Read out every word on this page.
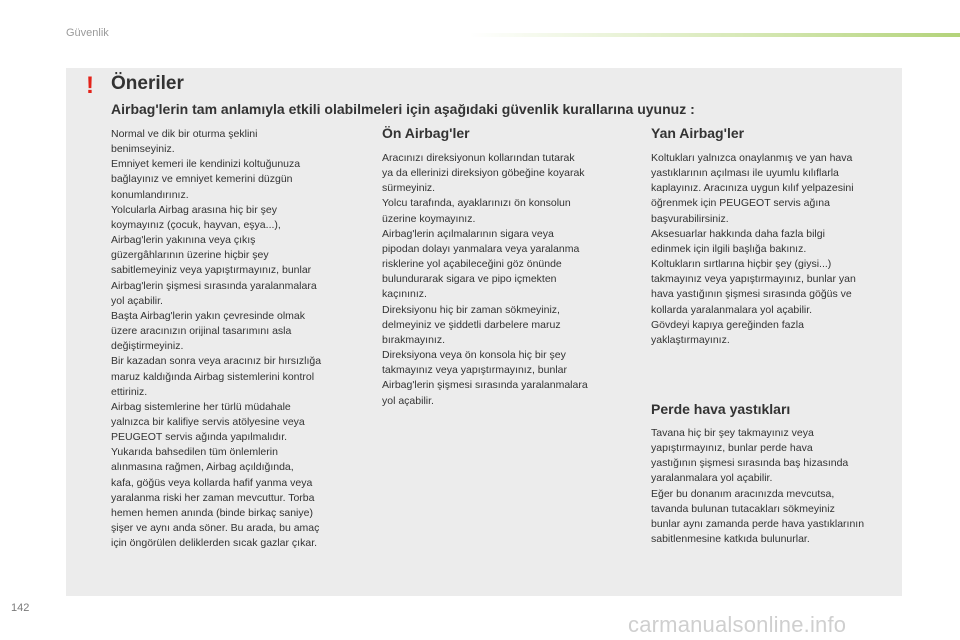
Güvenlik
! Öneriler
Airbag'lerin tam anlamıyla etkili olabilmeleri için aşağıdaki güvenlik kurallarına uyunuz :
Normal ve dik bir oturma şeklini
benimseyiniz.
Emniyet kemeri ile kendinizi koltuğunuza
bağlayınız ve emniyet kemerini düzgün
konumlandırınız.
Yolcularla Airbag arasına hiç bir şey
koymayınız (çocuk, hayvan, eşya...),
Airbag'lerin yakınına veya çıkış
güzergâhlarının üzerine hiçbir şey
sabitlemeyiniz veya yapıştırmayınız, bunlar
Airbag'lerin şişmesi sırasında yaralanmalara
yol açabilir.
Başta Airbag'lerin yakın çevresinde olmak
üzere aracınızın orijinal tasarımını asla
değiştirmeyiniz.
Bir kazadan sonra veya aracınız bir hırsızlığa
maruz kaldığında Airbag sistemlerini kontrol
ettiriniz.
Airbag sistemlerine her türlü müdahale
yalnızca bir kalifiye servis atölyesine veya
PEUGEOT servis ağında yapılmalıdır.
Yukarıda bahsedilen tüm önlemlerin
alınmasına rağmen, Airbag açıldığında,
kafa, göğüs veya kollarda hafif yanma veya
yaralanma riski her zaman mevcuttur. Torba
hemen hemen anında (binde birkaç saniye)
şişer ve aynı anda söner. Bu arada, bu amaç
için öngörülen deliklerden sıcak gazlar çıkar.
Ön Airbag'ler
Aracınızı direksiyonun kollarından tutarak
ya da ellerinizi direksiyon göbeğine koyarak
sürmeyiniz.
Yolcu tarafında, ayaklarınızı ön konsolun
üzerine koymayınız.
Airbag'lerin açılmalarının sigara veya
pipodan dolayı yanmalara veya yaralanma
risklerine yol açabileceğini göz önünde
bulundurarak sigara ve pipo içmekten
kaçınınız.
Direksiyonu hiç bir zaman sökmeyiniz,
delmeyiniz ve şiddetli darbelere maruz
bırakmayınız.
Direksiyona veya ön konsola hiç bir şey
takmayınız veya yapıştırmayınız, bunlar
Airbag'lerin şişmesi sırasında yaralanmalara
yol açabilir.
Yan Airbag'ler
Koltukları yalnızca onaylanmış ve yan hava
yastıklarının açılması ile uyumlu kılıflarla
kaplayınız. Aracınıza uygun kılıf yelpazesini
öğrenmek için PEUGEOT servis ağına
başvurabilirsiniz.
Aksesuarlar hakkında daha fazla bilgi
edinmek için ilgili başlığa bakınız.
Koltukların sırtlarına hiçbir şey (giysi...)
takmayınız veya yapıştırmayınız, bunlar yan
hava yastığının şişmesi sırasında göğüs ve
kollarda yaralanmalara yol açabilir.
Gövdeyi kapıya gereğinden fazla
yaklaştırmayınız.
Perde hava yastıkları
Tavana hiç bir şey takmayınız veya
yapıştırmayınız, bunlar perde hava
yastığının şişmesi sırasında baş hizasında
yaralanmalara yol açabilir.
Eğer bu donanım aracınızda mevcutsa,
tavanda bulunan tutacakları sökmeyiniz
bunlar aynı zamanda perde hava yastıklarının
sabitlenmesine katkıda bulunurlar.
142
carmanualsonline.info
